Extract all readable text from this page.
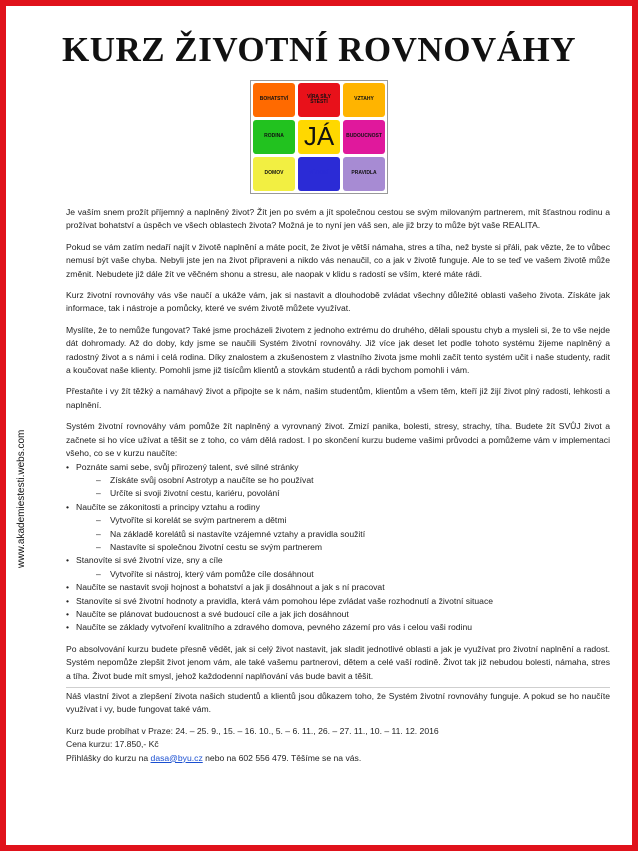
KURZ ŽIVOTNÍ ROVNOVÁHY
BOHATSTVÍ	VÍRA SÍLY ŠTĚSTÍ	VZTAHY
RODINA JÁ	BUDOUCNOST
DOMOV	VĚDOMÍ	PRAVIDLA
www.akademiestesti.webs.com

Je vaším snem prožít příjemný a naplněný život? Žít jen po svém a jít společnou cestou se svým milovaným partnerem, mít šťastnou rodinu a prožívat bohatství a úspěch ve všech oblastech života? Možná je to nyní jen váš sen, ale již brzy to může být vaše REALITA.

Pokud se vám zatím nedaří najít v životě naplnění a máte pocit, že život je větší námaha, stres a tíha, než byste si přáli, pak vězte, že to vůbec nemusí být vaše chyba. Nebyli jste jen na život připraveni a nikdo vás nenaučil, co a jak v životě funguje. Ale to se teď ve vašem životě může změnit. Nebudete již dále žít ve věčném shonu a stresu, ale naopak v klidu s radostí se vším, které máte rádi.

Kurz životní rovnováhy vás vše naučí a ukáže vám, jak si nastavit a dlouhodobě zvládat všechny důležité oblasti vašeho života. Získáte jak informace, tak i nástroje a pomůcky, které ve svém životě můžete využívat.

Myslíte, že to nemůže fungovat? Také jsme procházeli životem z jednoho extrému do druhého, dělali spoustu chyb a mysleli si, že to vše nejde dát dohromady. Až do doby, kdy jsme se naučili Systém životní rovnováhy. Již více jak deset let podle tohoto systému žijeme naplněný a radostný život a s námi i celá rodina. Díky znalostem a zkušenostem z vlastního života jsme mohli začít tento systém učit i naše studenty, radit a koučovat naše klienty. Pomohli jsme již tisícům klientů a stovkám studentů a rádi bychom pomohli i vám.

Přestaňte i vy žít těžký a namáhavý život a připojte se k nám, našim studentům, klientům a všem těm, kteří již žijí život plný radosti, lehkosti a naplnění.

Systém životní rovnováhy vám pomůže žít naplněný a vyrovnaný život. Zmizí panika, bolesti, stresy, strachy, tíha. Budete žít SVŮJ život a začnete si ho více užívat a těšit se z toho, co vám dělá radost. I po skončení kurzu budeme vašimi průvodci a pomůžeme vám v implementaci všeho, co se v kurzu naučíte:

• Poznáte sami sebe, svůj přirozený talent, své silné stránky
– Získáte svůj osobní Astrotyp a naučíte se ho používat
– Určíte si svoji životní cestu, kariéru, povolání
• Naučíte se zákonitosti a principy vztahu a rodiny
– Vytvoříte si korelát se svým partnerem a dětmi
– Na základě korelátů si nastavíte vzájemné vztahy a pravidla soužití
– Nastavíte si společnou životní cestu se svým partnerem
• Stanovíte si své životní vize, sny a cíle
– Vytvoříte si nástroj, který vám pomůže cíle dosáhnout
• Naučíte se nastavit svoji hojnost a bohatství a jak ji dosáhnout a jak s ní pracovat
• Stanovíte si své životní hodnoty a pravidla, která vám pomohou lépe zvládat vaše rozhodnutí a životní situace
• Naučíte se plánovat budoucnost a své budoucí cíle a jak jich dosáhnout
• Naučíte se základy vytvoření kvalitního a zdravého domova, pevného zázemí pro vás i celou vaši rodinu

Po absolvování kurzu budete přesně vědět, jak si celý život nastavit, jak sladit jednotlivé oblasti a jak je využívat pro životní naplnění a radost. Systém nepomůže zlepšit život jenom vám, ale také vašemu partnerovi, dětem a celé vaší rodině. Život tak již nebudou bolesti, námaha, stres a tíha. Život bude mít smysl, jehož každodenní naplňování vás bude bavit a těšit.

Náš vlastní život a zlepšení života našich studentů a klientů jsou důkazem toho, že Systém životní rovnováhy funguje. A pokud se ho naučíte využívat i vy, bude fungovat také vám.

Kurz bude probíhat v Praze: 24. – 25. 9., 15. – 16. 10., 5. – 6. 11., 26. – 27. 11., 10. – 11. 12. 2016
Cena kurzu: 17.850,- Kč
Přihlášky do kurzu na dasa@byu.cz nebo na 602 556 479. Těšíme se na vás.
